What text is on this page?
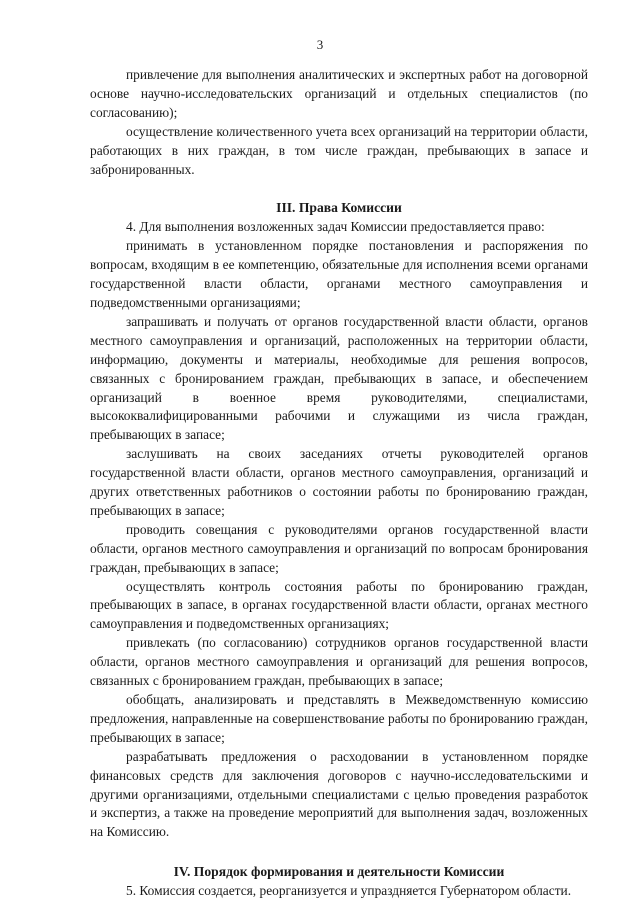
3

привлечение для выполнения аналитических и экспертных работ на договорной основе научно-исследовательских организаций и отдельных специалистов (по согласованию);

осуществление количественного учета всех организаций на территории области, работающих в них граждан, в том числе граждан, пребывающих в запасе и забронированных.

III. Права Комиссии

4. Для выполнения возложенных задач Комиссии предоставляется право:

принимать в установленном порядке постановления и распоряжения по вопросам, входящим в ее компетенцию, обязательные для исполнения всеми органами государственной власти области, органами местного самоуправления и подведомственными организациями;

запрашивать и получать от органов государственной власти области, органов местного самоуправления и организаций, расположенных на территории области, информацию, документы и материалы, необходимые для решения вопросов, связанных с бронированием граждан, пребывающих в запасе, и обеспечением организаций в военное время руководителями, специалистами, высококвалифицированными рабочими и служащими из числа граждан, пребывающих в запасе;

заслушивать на своих заседаниях отчеты руководителей органов государственной власти области, органов местного самоуправления, организаций и других ответственных работников о состоянии работы по бронированию граждан, пребывающих в запасе;

проводить совещания с руководителями органов государственной власти области, органов местного самоуправления и организаций по вопросам бронирования граждан, пребывающих в запасе;

осуществлять контроль состояния работы по бронированию граждан, пребывающих в запасе, в органах государственной власти области, органах местного самоуправления и подведомственных организациях;

привлекать (по согласованию) сотрудников органов государственной власти области, органов местного самоуправления и организаций для решения вопросов, связанных с бронированием граждан, пребывающих в запасе;

обобщать, анализировать и представлять в Межведомственную комиссию предложения, направленные на совершенствование работы по бронированию граждан, пребывающих в запасе;

разрабатывать предложения о расходовании в установленном порядке финансовых средств для заключения договоров с научно-исследовательскими и другими организациями, отдельными специалистами с целью проведения разработок и экспертиз, а также на проведение мероприятий для выполнения задач, возложенных на Комиссию.

IV. Порядок формирования и деятельности Комиссии

5. Комиссия создается, реорганизуется и упраздняется Губернатором области.
